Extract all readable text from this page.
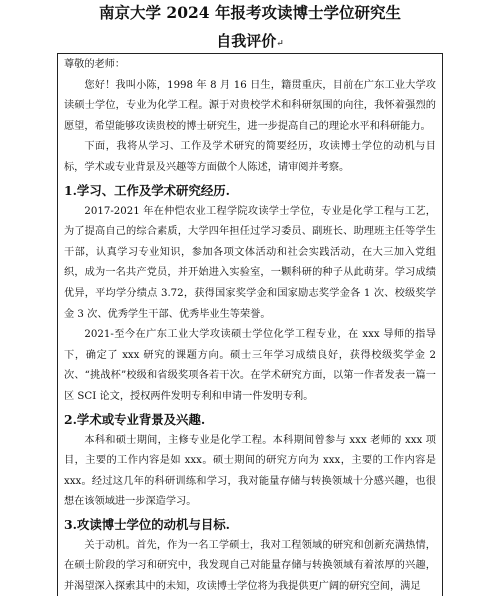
南京大学 2024 年报考攻读博士学位研究生
自我评价↵

尊敬的老师：

您好！我叫小陈，1998 年 8 月 16 日生，籍贯重庆，目前在广东工业大学攻读硕士学位，专业为化学工程。源于对贵校学术和科研氛围的向往，我怀着强烈的愿望，希望能够攻读贵校的博士研究生，进一步提高自己的理论水平和科研能力。

下面，我将从学习、工作及学术研究的简要经历，攻读博士学位的动机与目标，学术或专业背景及兴趣等方面做个人陈述，请审阅并考察。

1.学习、工作及学术研究经历.

2017-2021 年在仲恺农业工程学院攻读学士学位，专业是化学工程与工艺，为了提高自己的综合素质，大学四年担任过学习委员、副班长、助理班主任等学生干部，认真学习专业知识，参加各项文体活动和社会实践活动，在大三加入党组织，成为一名共产党员，并开始进入实验室，一颗科研的种子从此萌芽。学习成绩优异，平均学分绩点 3.72，获得国家奖学金和国家励志奖学金各 1 次、校级奖学金 3 次、优秀学生干部、优秀毕业生等荣誉。

2021-至今在广东工业大学攻读硕士学位化学工程专业，在 xxx 导师的指导下，确定了 xxx 研究的课题方向。硕士三年学习成绩良好，获得校级奖学金 2 次、“挑战杯”校级和省级奖项各若干次。在学术研究方面，以第一作者发表一篇一区 SCI 论文，授权两件发明专利和申请一件发明专利。

2.学术或专业背景及兴趣.

本科和硕士期间，主修专业是化学工程。本科期间曾参与 xxx 老师的 xxx 项目，主要的工作内容是如 xxx。硕士期间的研究方向为 xxx，主要的工作内容是 xxx。经过这几年的科研训练和学习，我对能量存储与转换领域十分感兴趣，也很想在该领域进一步深造学习。

3.攻读博士学位的动机与目标.

关于动机。首先，作为一名工学硕士，我对工程领域的研究和创新充满热情，在硕士阶段的学习和研究中，我发现自己对能量存储与转换领域有着浓厚的兴趣，并渴望深入探索其中的未知，攻读博士学位将为我提供更广阔的研究空间，满足
